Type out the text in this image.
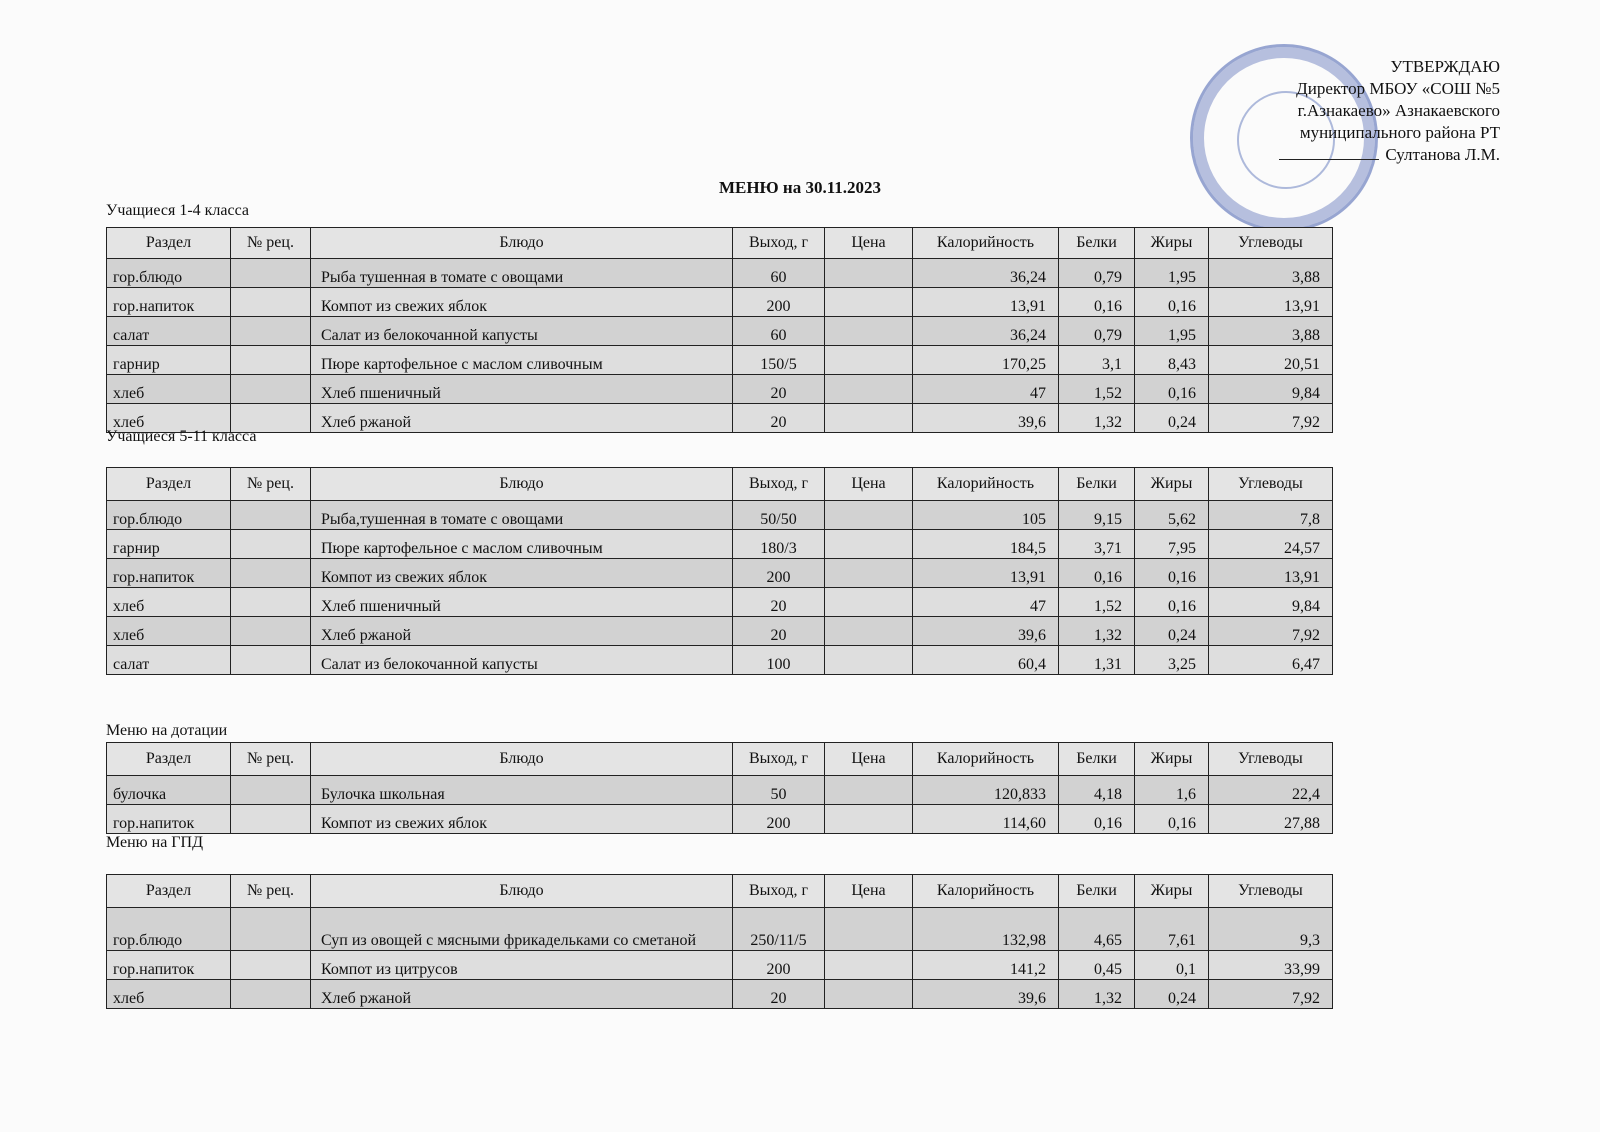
УТВЕРЖДАЮ
Директор МБОУ «СОШ №5
г.Азнакаево» Азнакаевского
муниципального района РТ
Султанова Л.М.
МЕНЮ на 30.11.2023
Учащиеся 1-4 класса
Раздел	№ рец.	Блюдо	Выход, г	Цена	Калорийность	Белки	Жиры	Углеводы
гор.блюдо		Рыба тушенная в томате с овощами	60		36,24	0,79	1,95	3,88
гор.напиток		Компот из свежих яблок	200		13,91	0,16	0,16	13,91
салат		Салат из белокочанной капусты	60		36,24	0,79	1,95	3,88
гарнир		Пюре картофельное с маслом сливочным	150/5		170,25	3,1	8,43	20,51
хлеб		Хлеб пшеничный	20		47	1,52	0,16	9,84
хлеб		Хлеб ржаной	20		39,6	1,32	0,24	7,92
Учащиеся 5-11 класса
Раздел	№ рец.	Блюдо	Выход, г	Цена	Калорийность	Белки	Жиры	Углеводы
гор.блюдо		Рыба,тушенная в томате с овощами	50/50		105	9,15	5,62	7,8
гарнир		Пюре картофельное с маслом сливочным	180/3		184,5	3,71	7,95	24,57
гор.напиток		Компот из свежих яблок	200		13,91	0,16	0,16	13,91
хлеб		Хлеб пшеничный	20		47	1,52	0,16	9,84
хлеб		Хлеб ржаной	20		39,6	1,32	0,24	7,92
салат		Салат из белокочанной капусты	100		60,4	1,31	3,25	6,47
Меню на дотации
Раздел	№ рец.	Блюдо	Выход, г	Цена	Калорийность	Белки	Жиры	Углеводы
булочка		Булочка школьная	50		120,833	4,18	1,6	22,4
гор.напиток		Компот из свежих яблок	200		114,60	0,16	0,16	27,88
Меню на ГПД
Раздел	№ рец.	Блюдо	Выход, г	Цена	Калорийность	Белки	Жиры	Углеводы
гор.блюдо		Суп из овощей с мясными фрикадельками со сметаной	250/11/5		132,98	4,65	7,61	9,3
гор.напиток		Компот из цитрусов	200		141,2	0,45	0,1	33,99
хлеб		Хлеб ржаной	20		39,6	1,32	0,24	7,92
